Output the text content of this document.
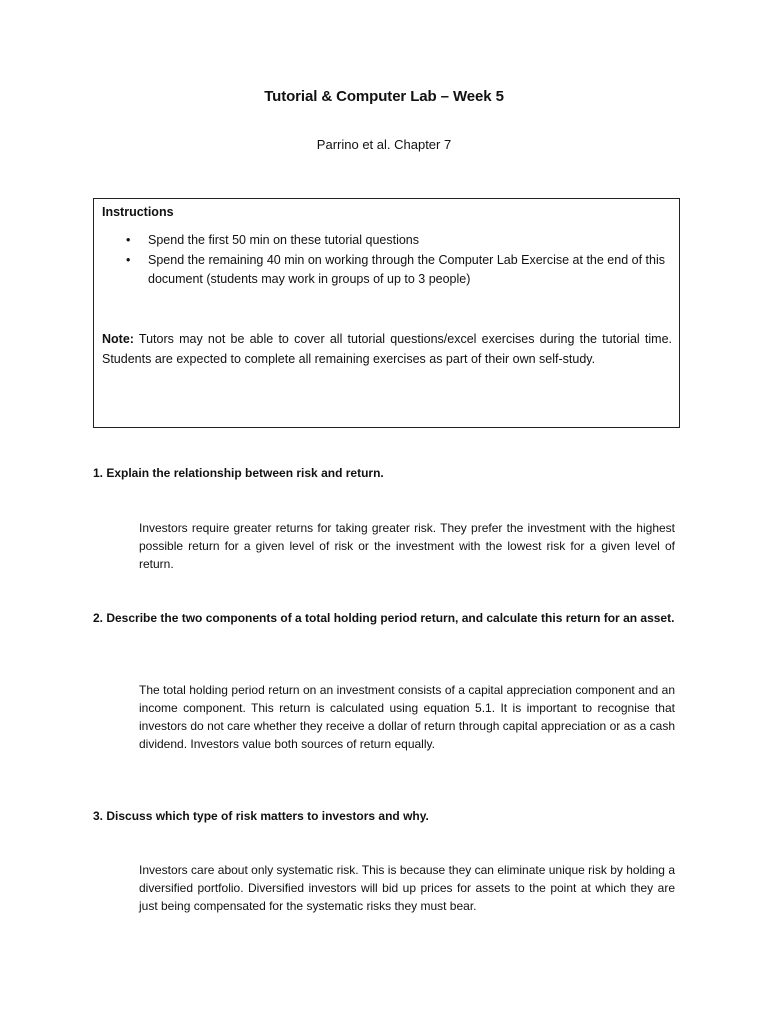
Tutorial & Computer Lab – Week 5
Parrino et al. Chapter 7
Instructions
• Spend the first 50 min on these tutorial questions
• Spend the remaining 40 min on working through the Computer Lab Exercise at the end of this document (students may work in groups of up to 3 people)
Note: Tutors may not be able to cover all tutorial questions/excel exercises during the tutorial time. Students are expected to complete all remaining exercises as part of their own self-study.
1. Explain the relationship between risk and return.
Investors require greater returns for taking greater risk. They prefer the investment with the highest possible return for a given level of risk or the investment with the lowest risk for a given level of return.
2. Describe the two components of a total holding period return, and calculate this return for an asset.
The total holding period return on an investment consists of a capital appreciation component and an income component. This return is calculated using equation 5.1. It is important to recognise that investors do not care whether they receive a dollar of return through capital appreciation or as a cash dividend. Investors value both sources of return equally.
3. Discuss which type of risk matters to investors and why.
Investors care about only systematic risk. This is because they can eliminate unique risk by holding a diversified portfolio. Diversified investors will bid up prices for assets to the point at which they are just being compensated for the systematic risks they must bear.
